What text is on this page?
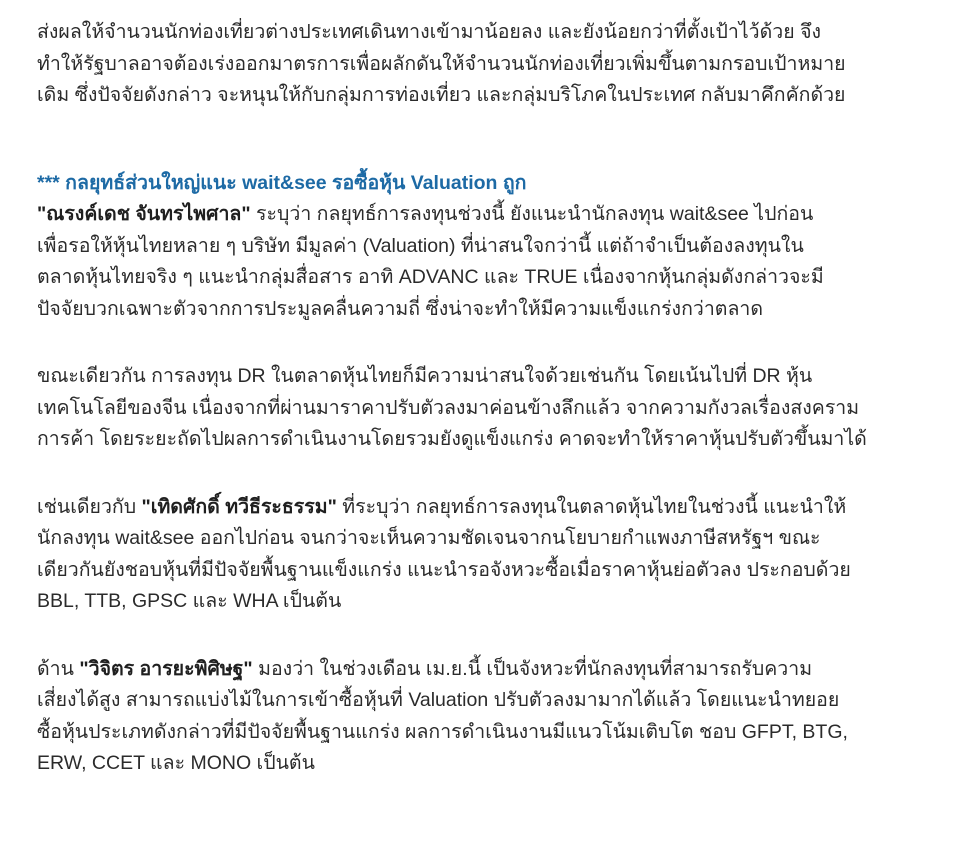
ส่งผลให้จำนวนนักท่องเที่ยวต่างประเทศเดินทางเข้ามาน้อยลง และยังน้อยกว่าที่ตั้งเป้าไว้ด้วย จึง
ทำให้รัฐบาลอาจต้องเร่งออกมาตรการเพื่อผลักดันให้จำนวนนักท่องเที่ยวเพิ่มขึ้นตามกรอบเป้าหมาย
เดิม ซึ่งปัจจัยดังกล่าว จะหนุนให้กับกลุ่มการท่องเที่ยว และกลุ่มบริโภคในประเทศ กลับมาคึกคักด้วย

*** กลยุทธ์ส่วนใหญ่แนะ wait&see รอซื้อหุ้น Valuation ถูก

"ณรงค์เดช จันทรไพศาล" ระบุว่า กลยุทธ์การลงทุนช่วงนี้ ยังแนะนำนักลงทุน wait&see ไปก่อน
เพื่อรอให้หุ้นไทยหลาย ๆ บริษัท มีมูลค่า (Valuation) ที่น่าสนใจกว่านี้ แต่ถ้าจำเป็นต้องลงทุนใน
ตลาดหุ้นไทยจริง ๆ แนะนำกลุ่มสื่อสาร อาทิ ADVANC และ TRUE เนื่องจากหุ้นกลุ่มดังกล่าวจะมี
ปัจจัยบวกเฉพาะตัวจากการประมูลคลื่นความถี่ ซึ่งน่าจะทำให้มีความแข็งแกร่งกว่าตลาด

ขณะเดียวกัน การลงทุน DR ในตลาดหุ้นไทยก็มีความน่าสนใจด้วยเช่นกัน โดยเน้นไปที่ DR หุ้น
เทคโนโลยีของจีน เนื่องจากที่ผ่านมาราคาปรับตัวลงมาค่อนข้างลึกแล้ว จากความกังวลเรื่องสงคราม
การค้า โดยระยะถัดไปผลการดำเนินงานโดยรวมยังดูแข็งแกร่ง คาดจะทำให้ราคาหุ้นปรับตัวขึ้นมาได้

เช่นเดียวกับ "เทิดศักดิ์ ทวีธีระธรรม" ที่ระบุว่า กลยุทธ์การลงทุนในตลาดหุ้นไทยในช่วงนี้ แนะนำให้
นักลงทุน wait&see ออกไปก่อน จนกว่าจะเห็นความชัดเจนจากนโยบายกำแพงภาษีสหรัฐฯ ขณะ
เดียวกันยังชอบหุ้นที่มีปัจจัยพื้นฐานแข็งแกร่ง แนะนำรอจังหวะซื้อเมื่อราคาหุ้นย่อตัวลง ประกอบด้วย
BBL, TTB, GPSC และ WHA เป็นต้น

ด้าน "วิจิตร อารยะพิศิษฐ" มองว่า ในช่วงเดือน เม.ย.นี้ เป็นจังหวะที่นักลงทุนที่สามารถรับความ
เสี่ยงได้สูง สามารถแบ่งไม้ในการเข้าซื้อหุ้นที่ Valuation ปรับตัวลงมามากได้แล้ว โดยแนะนำทยอย
ซื้อหุ้นประเภทดังกล่าวที่มีปัจจัยพื้นฐานแกร่ง ผลการดำเนินงานมีแนวโน้มเติบโต ชอบ GFPT, BTG,
ERW, CCET และ MONO เป็นต้น
